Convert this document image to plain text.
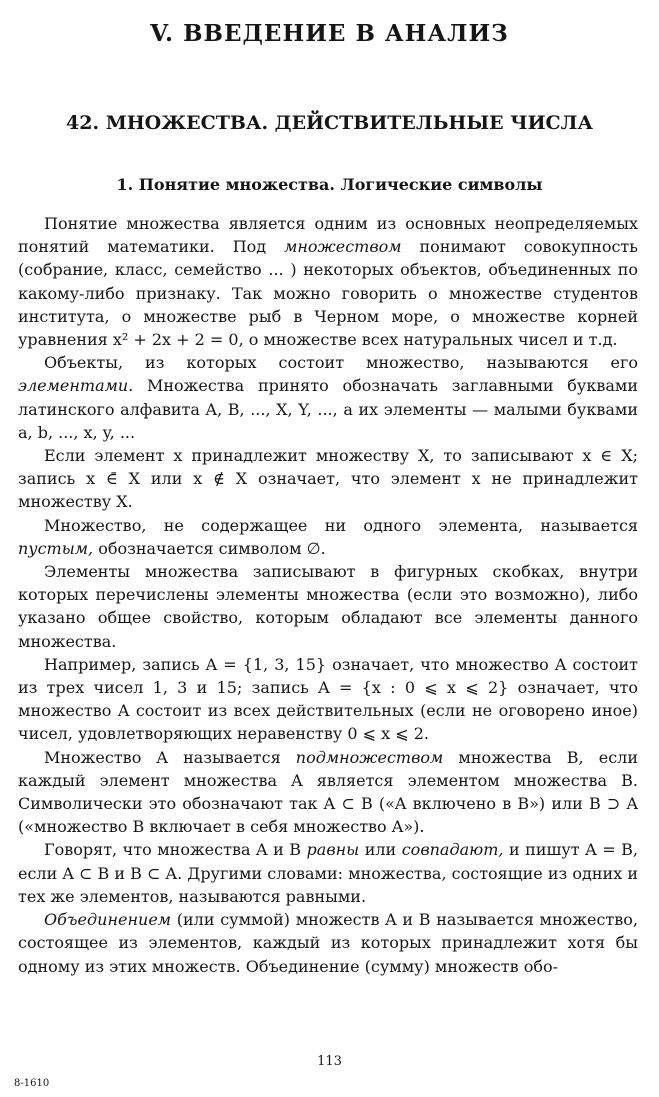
V. ВВЕДЕНИЕ В АНАЛИЗ
42. МНОЖЕСТВА. ДЕЙСТВИТЕЛЬНЫЕ ЧИСЛА
1. Понятие множества. Логические символы

Понятие множества является одним из основных неопределяемых понятий математики. Под множеством понимают совокупность (собрание, класс, семейство ... ) некоторых объектов, объединенных по какому-либо признаку. Так можно говорить о множестве студентов института, о множестве рыб в Черном море, о множестве корней уравнения x² + 2x + 2 = 0, о множестве всех натуральных чисел и т.д.

Объекты, из которых состоит множество, называются его элементами. Множества принято обозначать заглавными буквами латинского алфавита A, B, ..., X, Y, ..., а их элементы — малыми буквами a, b, ..., x, y, ...

Если элемент x принадлежит множеству X, то записывают x ∈ X; запись x ∈̄ X или x ∉ X означает, что элемент x не принадлежит множеству X.

Множество, не содержащее ни одного элемента, называется пустым, обозначается символом ∅.

Элементы множества записывают в фигурных скобках, внутри которых перечислены элементы множества (если это возможно), либо указано общее свойство, которым обладают все элементы данного множества.

Например, запись A = {1, 3, 15} означает, что множество A состоит из трех чисел 1, 3 и 15; запись A = {x : 0 ⩽ x ⩽ 2} означает, что множество A состоит из всех действительных (если не оговорено иное) чисел, удовлетворяющих неравенству 0 ⩽ x ⩽ 2.

Множество A называется подмножеством множества B, если каждый элемент множества A является элементом множества B. Символически это обозначают так A ⊂ B («A включено в B») или B ⊃ A («множество B включает в себя множество A»).

Говорят, что множества A и B равны или совпадают, и пишут A = B, если A ⊂ B и B ⊂ A. Другими словами: множества, состоящие из одних и тех же элементов, называются равными.

Объединением (или суммой) множеств A и B называется множество, состоящее из элементов, каждый из которых принадлежит хотя бы одному из этих множеств. Объединение (сумму) множеств обо-

113
8-1610
